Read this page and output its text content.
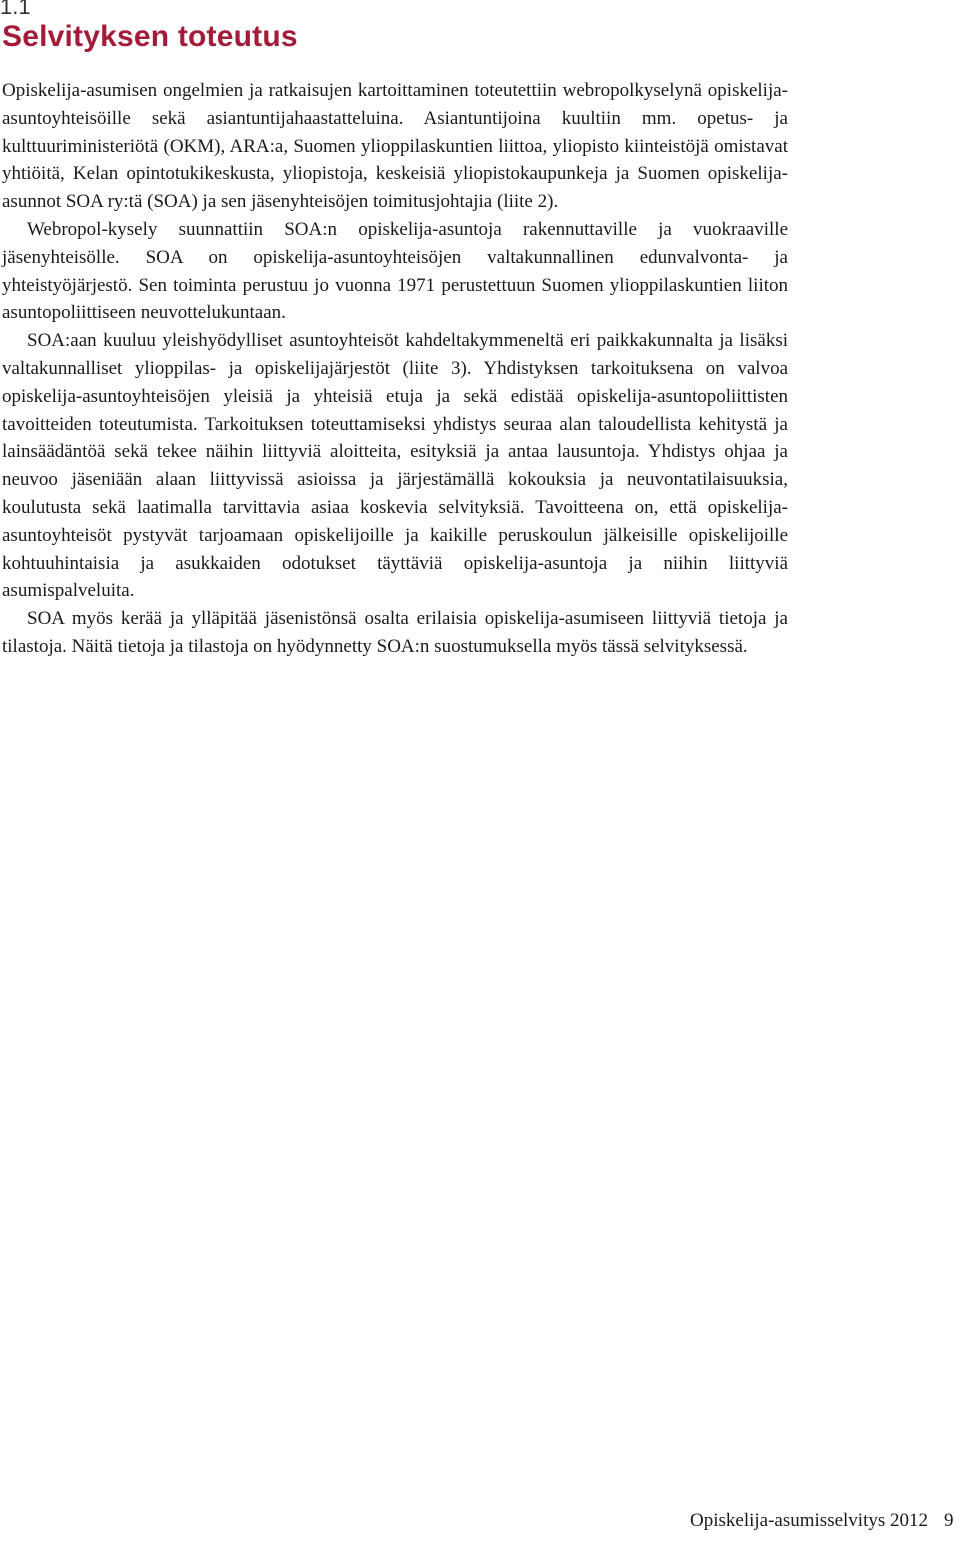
1.1
Selvityksen toteutus

Opiskelija-asumisen ongelmien ja ratkaisujen kartoittaminen toteutettiin webropolkyselynä opiskelija-asuntoyhteisöille sekä asiantuntijahaastatteluina. Asiantuntijoina kuultiin mm. opetus- ja kulttuuriministeriötä (OKM), ARA:a, Suomen ylioppilaskuntien liittoa, yliopisto kiinteistöjä omistavat yhtiöitä, Kelan opintotukikeskusta, yliopistoja, keskeisiä yliopistokaupunkeja ja Suomen opiskelija-asunnot SOA ry:tä (SOA) ja sen jäsenyhteisöjen toimitusjohtajia (liite 2).

Webropol-kysely suunnattiin SOA:n opiskelija-asuntoja rakennuttaville ja vuokraaville jäsenyhteisölle. SOA on opiskelija-asuntoyhteisöjen valtakunnallinen edunvalvonta- ja yhteistyöjärjestö. Sen toiminta perustuu jo vuonna 1971 perustettuun Suomen ylioppilaskuntien liiton asuntopoliittiseen neuvottelukuntaan.

SOA:aan kuuluu yleishyödylliset asuntoyhteisöt kahdeltakymmeneltä eri paikkakunnalta ja lisäksi valtakunnalliset ylioppilas- ja opiskelijajärjestöt (liite 3). Yhdistyksen tarkoituksena on valvoa opiskelija-asuntoyhteisöjen yleisiä ja yhteisiä etuja ja sekä edistää opiskelija-asuntopoliittisten tavoitteiden toteutumista. Tarkoituksen toteuttamiseksi yhdistys seuraa alan taloudellista kehitystä ja lainsäädäntöä sekä tekee näihin liittyviä aloitteita, esityksiä ja antaa lausuntoja. Yhdistys ohjaa ja neuvoo jäseniään alaan liittyvissä asioissa ja järjestämällä kokouksia ja neuvontatilaisuuksia, koulutusta sekä laatimalla tarvittavia asiaa koskevia selvityksiä. Tavoitteena on, että opiskelija-asuntoyhteisöt pystyvät tarjoamaan opiskelijoille ja kaikille peruskoulun jälkeisille opiskelijoille kohtuuhintaisia ja asukkaiden odotukset täyttäviä opiskelija-asuntoja ja niihin liittyviä asumispalveluita.

SOA myös kerää ja ylläpitää jäsenistönsä osalta erilaisia opiskelija-asumiseen liittyviä tietoja ja tilastoja. Näitä tietoja ja tilastoja on hyödynnetty SOA:n suostumuksella myös tässä selvityksessä.

Opiskelija-asumisselvitys 2012 9
